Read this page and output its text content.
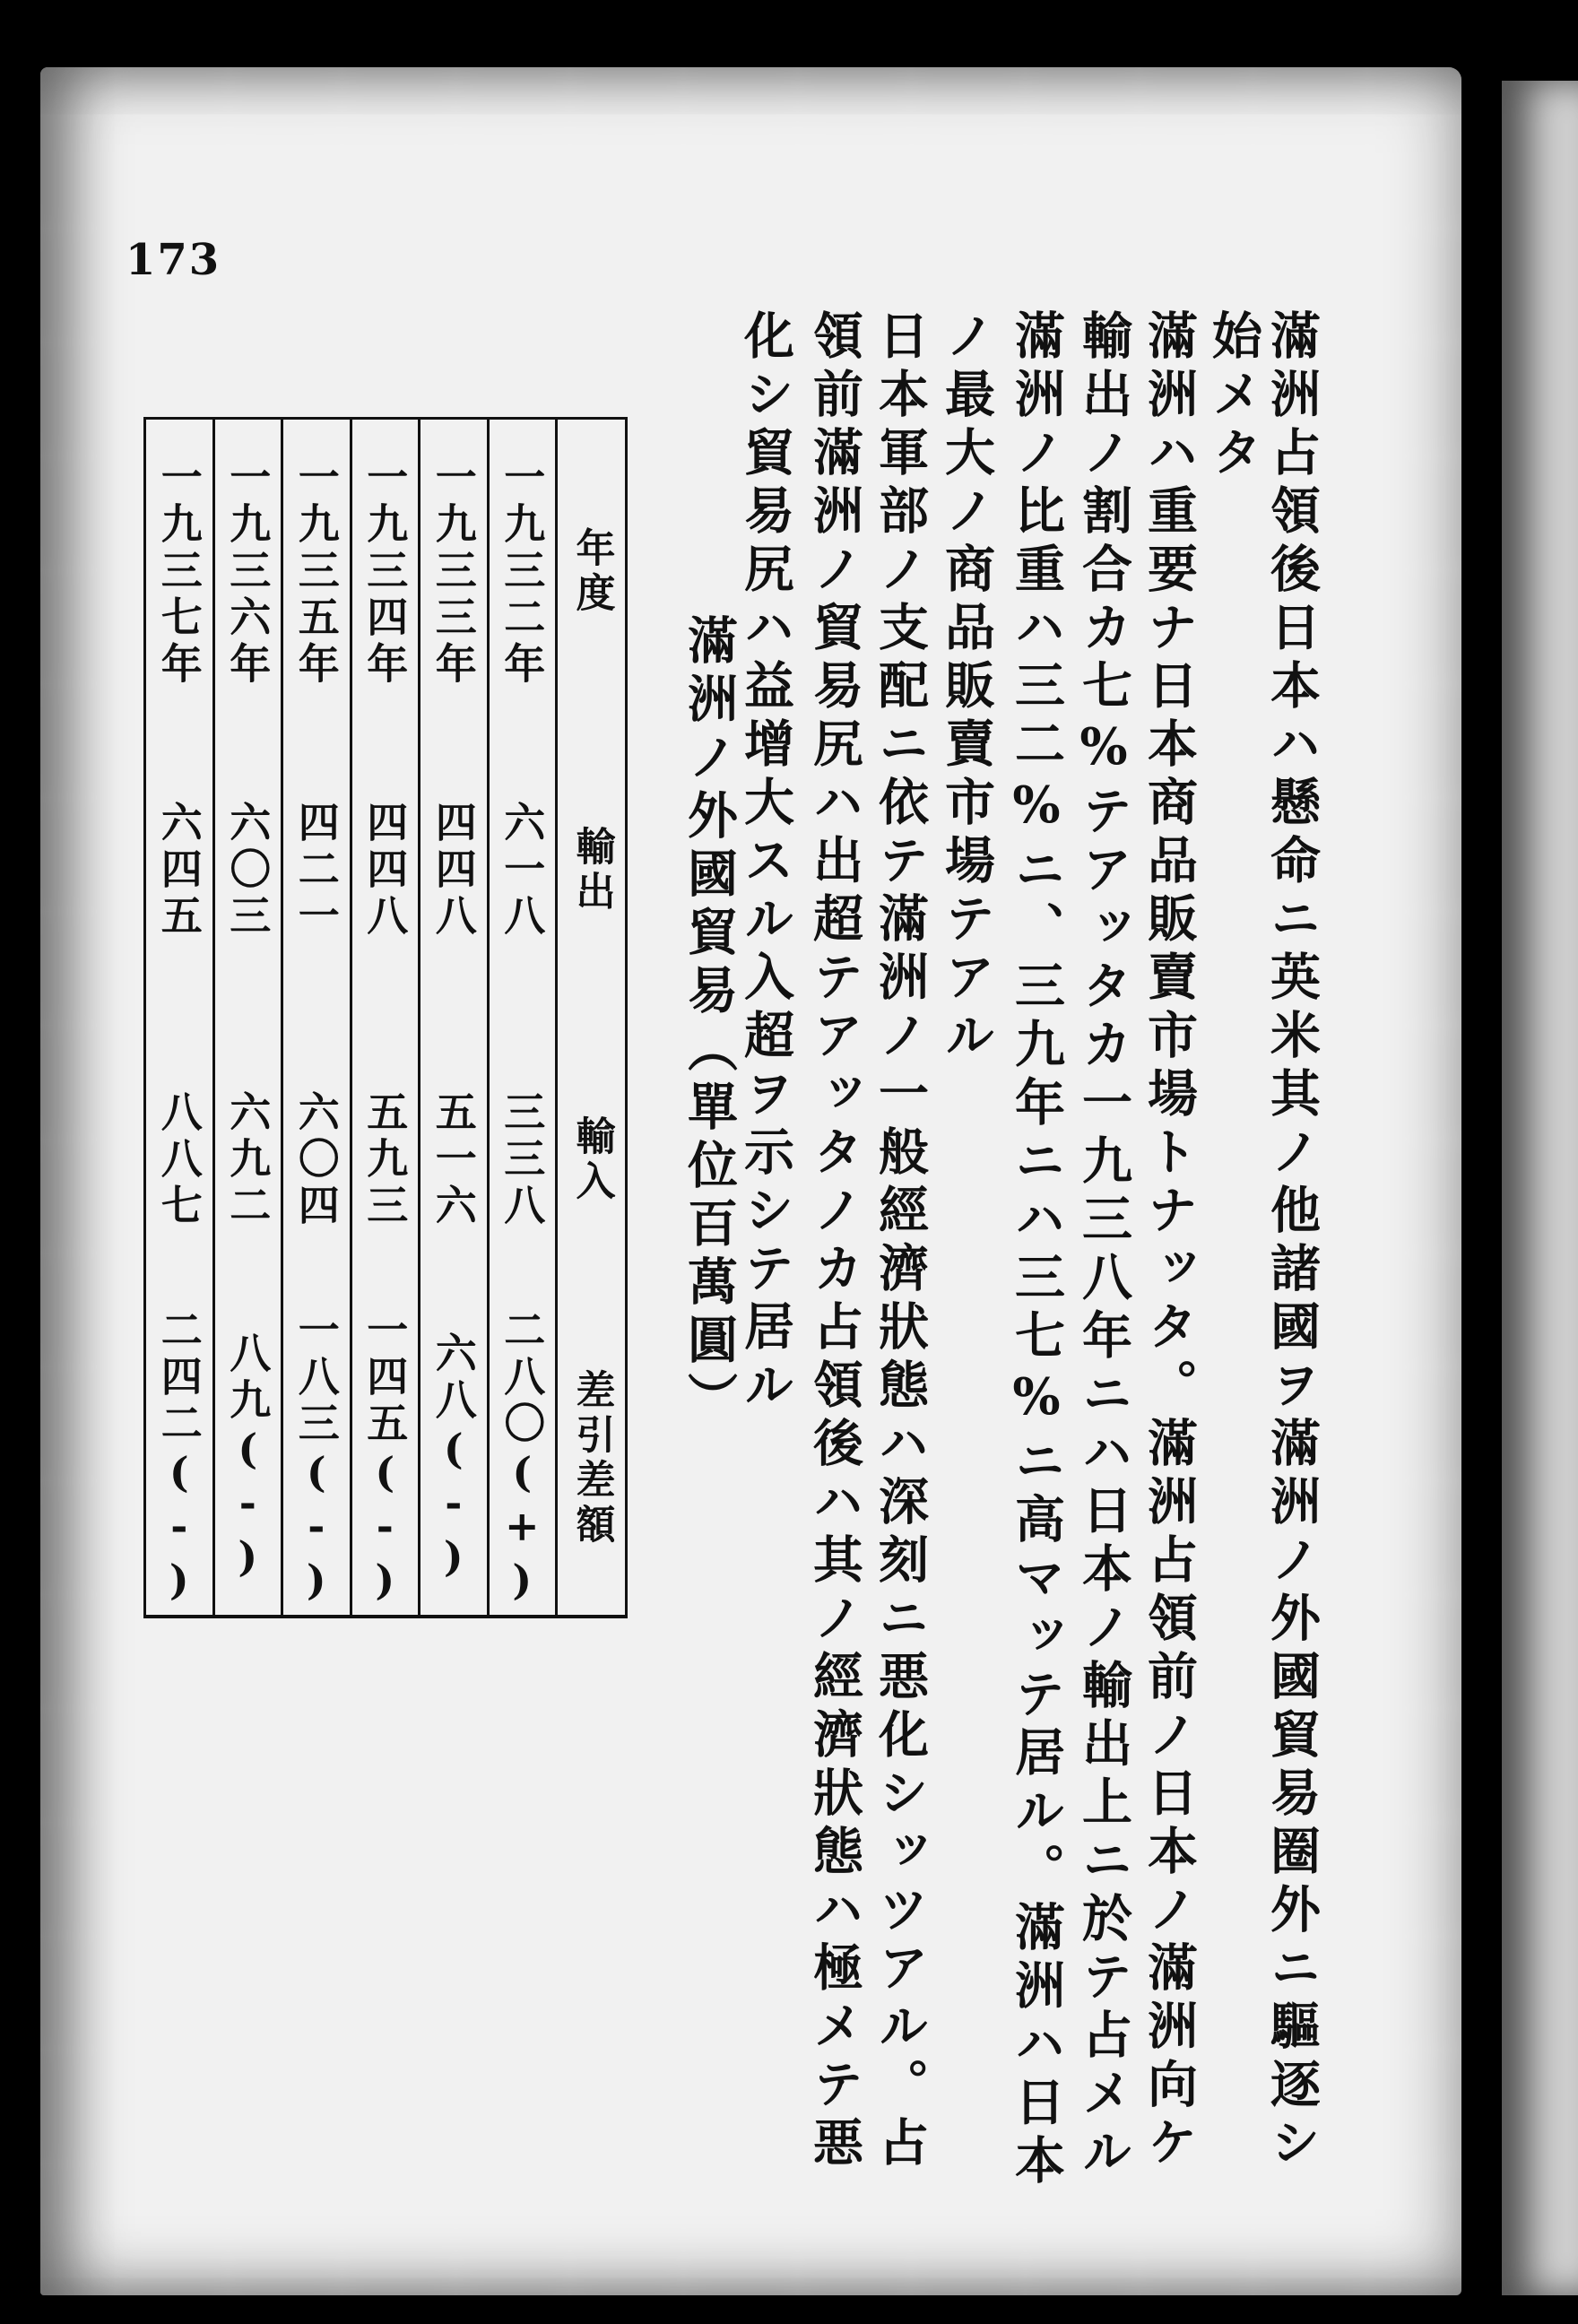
173
滿洲占領後日本ハ懸命ニ英米其ノ他諸國ヲ滿洲ノ外國貿易圈外ニ驅逐シ
始メタ
滿洲ハ重要ナ日本商品販賣市場トナッタ。滿洲占領前ノ日本ノ滿洲向ケ
輸出ノ割合カ七%テアッタカ一九三八年ニハ日本ノ輸出上ニ於テ占メル
滿洲ノ比重ハ三二%ニ、三九年ニハ三七%ニ高マッテ居ル。滿洲ハ日本
ノ最大ノ商品販賣市場テアル
日本軍部ノ支配ニ依テ滿洲ノ一般經濟狀態ハ深刻ニ悪化シッツアル。占
領前滿洲ノ貿易尻ハ出超テアッタノカ占領後ハ其ノ經濟狀態ハ極メテ悪
化シ貿易尻ハ益增大スル入超ヲ示シテ居ル
滿洲ノ外國貿易（單位百萬圓）
年度	一九三二年	一九三三年	一九三四年	一九三五年	一九三六年	一九三七年
輸出	六一八	四四八	四四八	四二一	六〇三	六四五
輸入	三三八	五一六	五九三	六〇四	六九二	八八七
差引差額	(+)二八〇	(-)六八	(-)一四五	(-)一八三	(-)八九	(-)二四二
